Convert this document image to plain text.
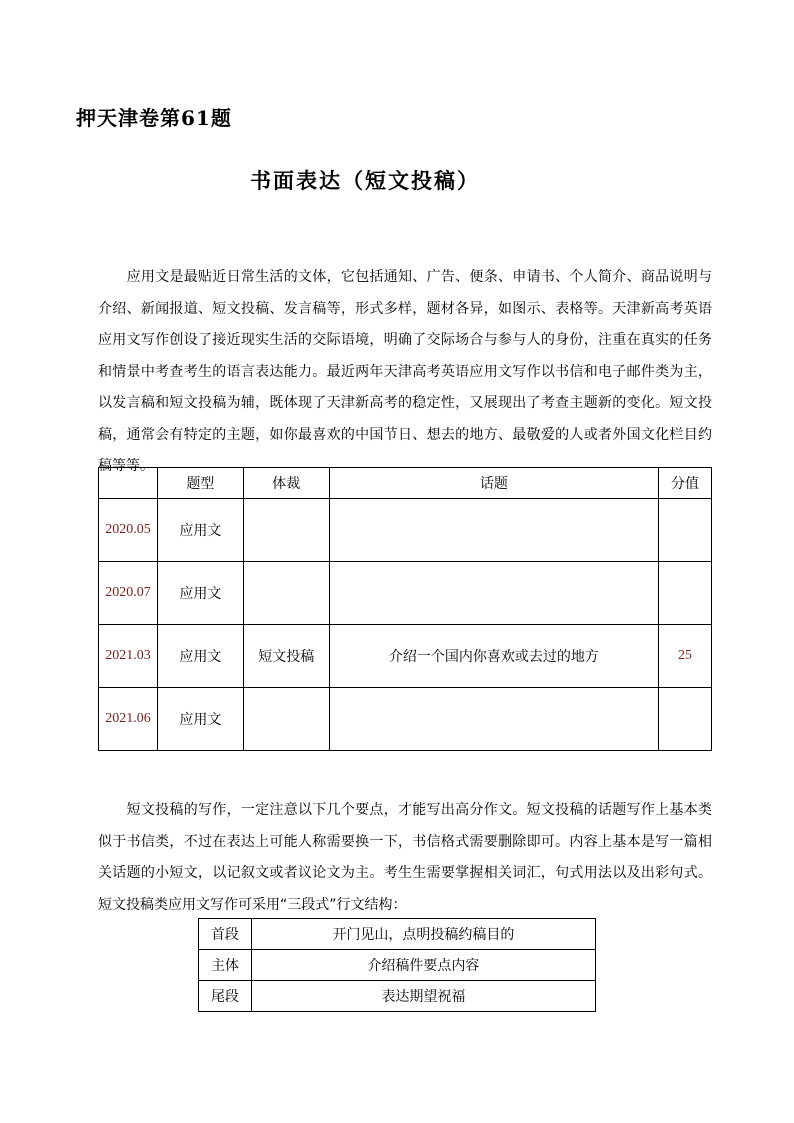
押天津卷第61题
书面表达（短文投稿）

　　应用文是最贴近日常生活的文体，它包括通知、广告、便条、申请书、个人简介、商品说明与介绍、新闻报道、短文投稿、发言稿等，形式多样，题材各异，如图示、表格等。天津新高考英语应用文写作创设了接近现实生活的交际语境，明确了交际场合与参与人的身份，注重在真实的任务和情景中考查考生的语言表达能力。最近两年天津高考英语应用文写作以书信和电子邮件类为主，以发言稿和短文投稿为辅，既体现了天津新高考的稳定性，又展现出了考查主题新的变化。短文投稿，通常会有特定的主题，如你最喜欢的中国节日、想去的地方、最敬爱的人或者外国文化栏目约稿等等。

	题型	体裁	话题	分值
2020.05	应用文			
2020.07	应用文			
2021.03	应用文	短文投稿	介绍一个国内你喜欢或去过的地方	25
2021.06	应用文			

　　短文投稿的写作，一定注意以下几个要点，才能写出高分作文。短文投稿的话题写作上基本类似于书信类，不过在表达上可能人称需要换一下，书信格式需要删除即可。内容上基本是写一篇相关话题的小短文，以记叙文或者议论文为主。考生生需要掌握相关词汇，句式用法以及出彩句式。短文投稿类应用文写作可采用“三段式”行文结构：

首段	开门见山，点明投稿约稿目的
主体	介绍稿件要点内容
尾段	表达期望祝福
